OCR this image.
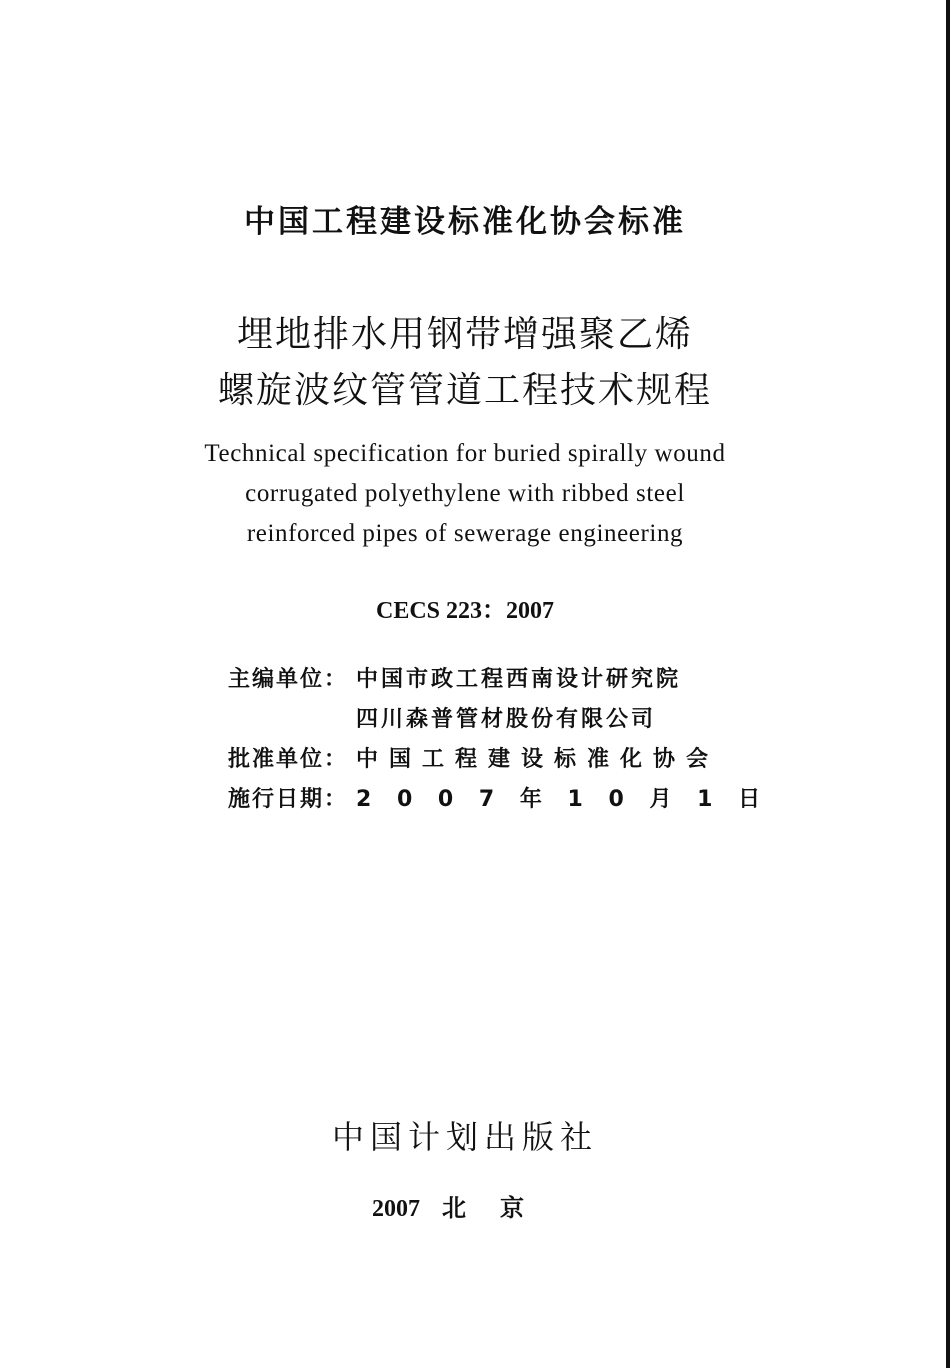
中国工程建设标准化协会标准
埋地排水用钢带增强聚乙烯
螺旋波纹管管道工程技术规程
Technical specification for buried spirally wound
corrugated polyethylene with ribbed steel
reinforced pipes of sewerage engineering
CECS 223：2007
主编单位： 中国市政工程西南设计研究院
四川森普管材股份有限公司
批准单位： 中国工程建设标准化协会
施行日期： 2 0 0 7 年 1 0 月 1 日
中国计划出版社
2007 北京
